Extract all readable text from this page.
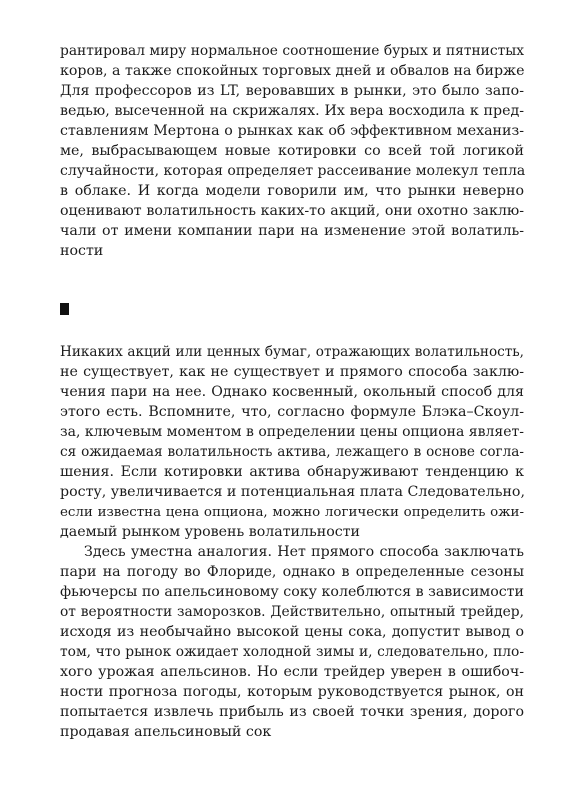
рантировал миру нормальное соотношение бурых и пятнистых
коров, а также спокойных торговых дней и обвалов на бирже
Для профессоров из LT, веровавших в рынки, это было запо-
ведью, высеченной на скрижалях. Их вера восходила к пред-
ставлениям Мертона о рынках как об эффективном механиз-
ме, выбрасывающем новые котировки со всей той логикой
случайности, которая определяет рассеивание молекул тепла
в облаке. И когда модели говорили им, что рынки неверно
оценивают волатильность каких-то акций, они охотно заклю-
чали от имени компании пари на изменение этой волатиль-
ности
Никаких акций или ценных бумаг, отражающих волатильность,
не существует, как не существует и прямого способа заклю-
чения пари на нее. Однако косвенный, окольный способ для
этого есть. Вспомните, что, согласно формуле Блэка–Скоул-
за, ключевым моментом в определении цены опциона являет-
ся ожидаемая волатильность актива, лежащего в основе согла-
шения. Если котировки актива обнаруживают тенденцию к
росту, увеличивается и потенциальная плата Следовательно,
если известна цена опциона, можно логически определить ожи-
даемый рынком уровень волатильности
Здесь уместна аналогия. Нет прямого способа заключать
пари на погоду во Флориде, однако в определенные сезоны
фьючерсы по апельсиновому соку колеблются в зависимости
от вероятности заморозков. Действительно, опытный трейдер,
исходя из необычайно высокой цены сока, допустит вывод о
том, что рынок ожидает холодной зимы и, следовательно, пло-
хого урожая апельсинов. Но если трейдер уверен в ошибоч-
ности прогноза погоды, которым руководствуется рынок, он
попытается извлечь прибыль из своей точки зрения, дорого
продавая апельсиновый сок
